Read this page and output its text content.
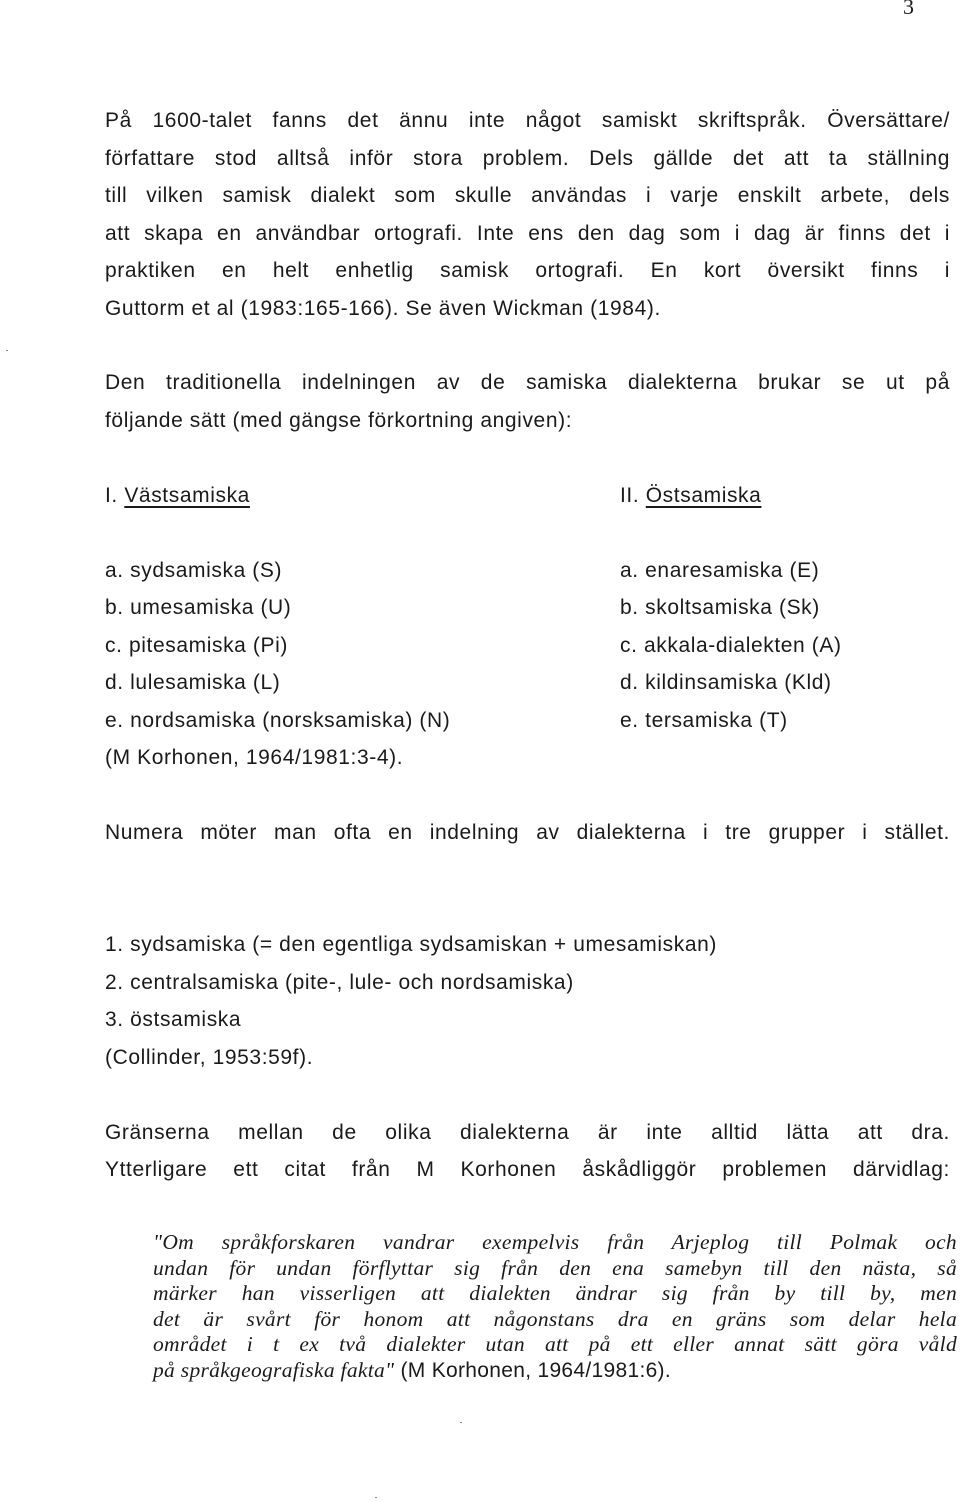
3
På 1600-talet fanns det ännu inte något samiskt skriftspråk. Översättare/
författare stod alltså inför stora problem. Dels gällde det att ta ställning
till vilken samisk dialekt som skulle användas i varje enskilt arbete, dels
att skapa en användbar ortografi. Inte ens den dag som i dag är finns det i
praktiken en helt enhetlig samisk ortografi. En kort översikt finns i
Guttorm et al (1983:165-166). Se även Wickman (1984).
Den traditionella indelningen av de samiska dialekterna brukar se ut på
följande sätt (med gängse förkortning angiven):
I. Västsamiska	II. Östsamiska
a. sydsamiska (S)
b. umesamiska (U)
c. pitesamiska (Pi)
d. lulesamiska (L)
e. nordsamiska (norsksamiska) (N)
(M Korhonen, 1964/1981:3-4).
a. enaresamiska (E)
b. skoltsamiska (Sk)
c. akkala-dialekten (A)
d. kildinsamiska (Kld)
e. tersamiska (T)
Numera möter man ofta en indelning av dialekterna i tre grupper i stället.
1. sydsamiska (= den egentliga sydsamiskan + umesamiskan)
2. centralsamiska (pite-, lule- och nordsamiska)
3. östsamiska
(Collinder, 1953:59f).
Gränserna mellan de olika dialekterna är inte alltid lätta att dra.
Ytterligare ett citat från M Korhonen åskådliggör problemen därvidlag:
"Om språkforskaren vandrar exempelvis från Arjeplog till Polmak och
undan för undan förflyttar sig från den ena samebyn till den nästa, så
märker han visserligen att dialekten ändrar sig från by till by, men
det är svårt för honom att någonstans dra en gräns som delar hela
området i t ex två dialekter utan att på ett eller annat sätt göra våld
på språkgeografiska fakta" (M Korhonen, 1964/1981:6).
